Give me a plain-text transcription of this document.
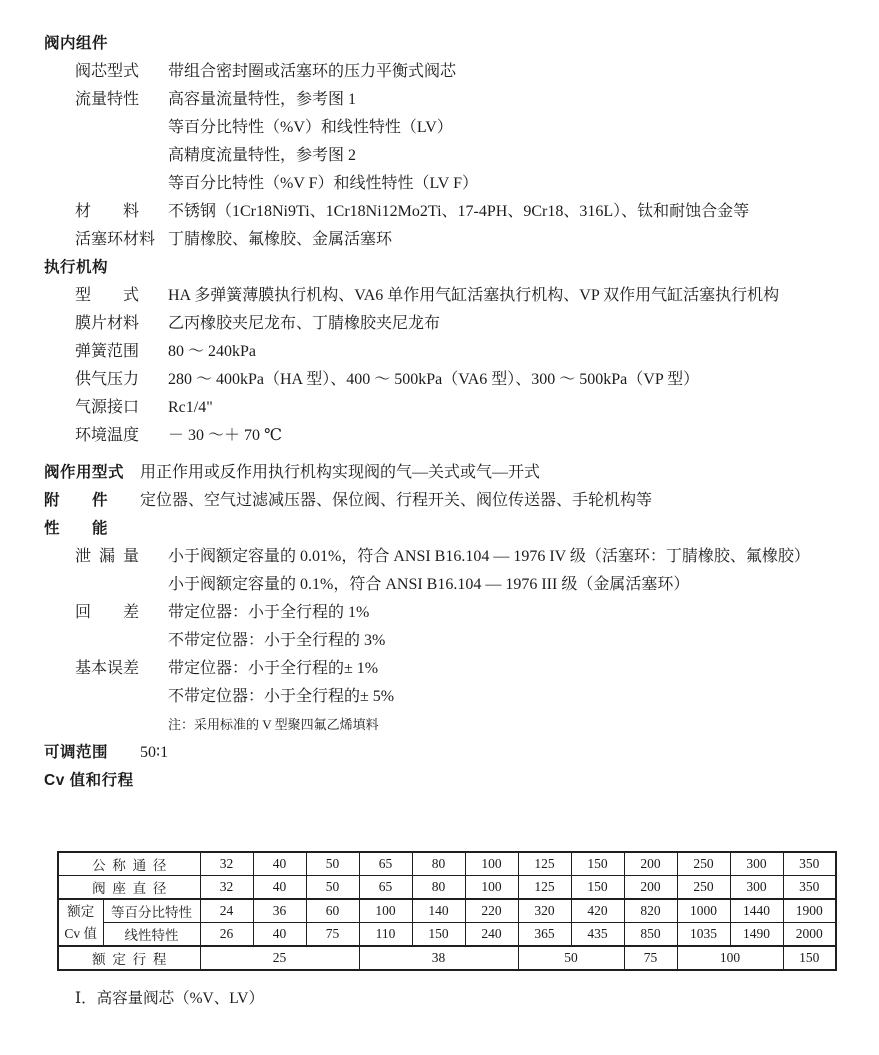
阀内组件
阀芯型式 带组合密封圈或活塞环的压力平衡式阀芯
流量特性 高容量流量特性，参考图 1
等百分比特性（%V）和线性特性（LV）
高精度流量特性，参考图 2
等百分比特性（%V F）和线性特性（LV F）
材　　料 不锈钢（1Cr18Ni9Ti、1Cr18Ni12Mo2Ti、17-4PH、9Cr18、316L）、钛和耐蚀合金等
活塞环材料 丁腈橡胶、氟橡胶、金属活塞环
执行机构
型　　式 HA 多弹簧薄膜执行机构、VA6 单作用气缸活塞执行机构、VP 双作用气缸活塞执行机构
膜片材料 乙丙橡胶夹尼龙布、丁腈橡胶夹尼龙布
弹簧范围 80 ～ 240kPa
供气压力 280 ～ 400kPa（HA 型）、400 ～ 500kPa（VA6 型）、300 ～ 500kPa（VP 型）
气源接口 Rc1/4"
环境温度 － 30 ～＋ 70 ℃
阀作用型式 用正作用或反作用执行机构实现阀的气—关式或气—开式
附　　件 定位器、空气过滤减压器、保位阀、行程开关、阀位传送器、手轮机构等
性　　能
泄 漏 量 小于阀额定容量的 0.01%，符合 ANSI B16.104 — 1976 IV 级（活塞环：丁腈橡胶、氟橡胶）
小于阀额定容量的 0.1%，符合 ANSI B16.104 — 1976 III 级（金属活塞环）
回　　差 带定位器：小于全行程的 1%
不带定位器：小于全行程的 3%
基本误差 带定位器：小于全行程的± 1%
不带定位器：小于全行程的± 5%
注：采用标准的 V 型聚四氟乙烯填料
可调范围 50∶1
Cv 值和行程
公 称 通 径		32	40	50	65	80	100	125	150	200	250	300	350
阀 座 直 径		32	40	50	65	80	100	125	150	200	250	300	350

额定
Cv 值	等百分比特性	24	36	60	100	140	220	320	420	820	1000	1440	1900
	线性特性	26	40	75	110	150	240	365	435	850	1035	1490	2000
额 定 行 程		25			38			50		75	100		150
Ⅰ．高容量阀芯（%V、LV）
